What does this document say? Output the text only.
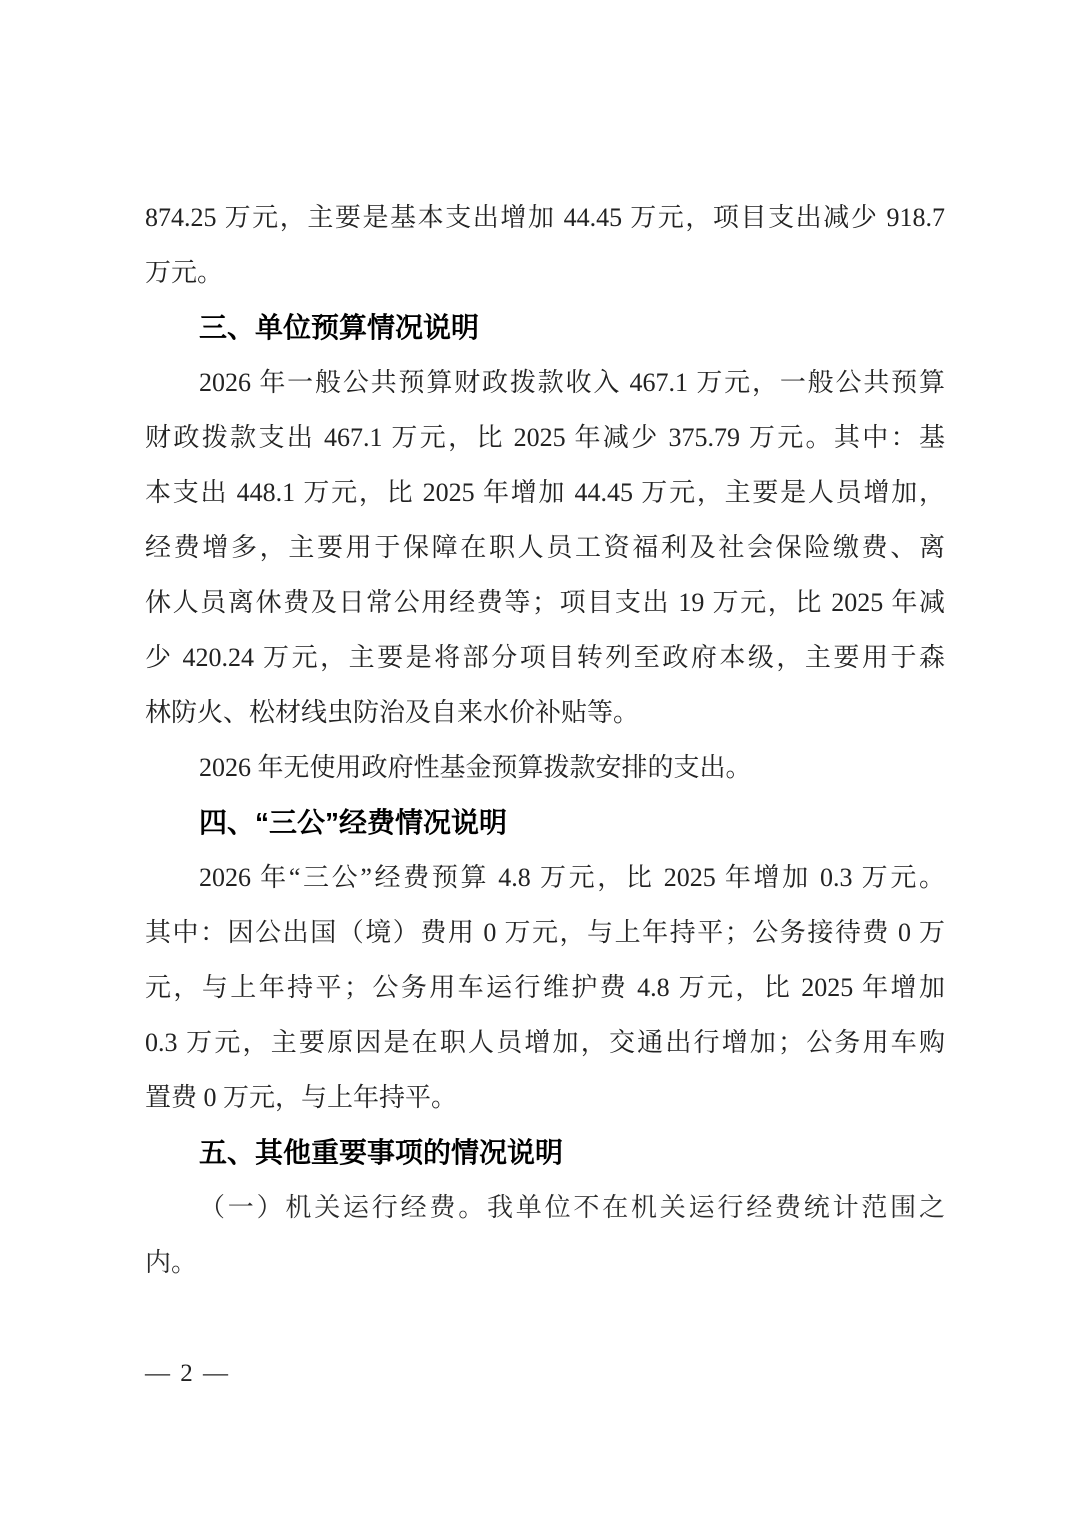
874.25 万元，主要是基本支出增加 44.45 万元，项目支出减少 918.7
万元。
三、单位预算情况说明
2026 年一般公共预算财政拨款收入 467.1 万元，一般公共预算
财政拨款支出 467.1 万元，比 2025 年减少 375.79 万元。其中：基
本支出 448.1 万元，比 2025 年增加 44.45 万元，主要是人员增加，
经费增多，主要用于保障在职人员工资福利及社会保险缴费、离
休人员离休费及日常公用经费等；项目支出 19 万元，比 2025 年减
少 420.24 万元，主要是将部分项目转列至政府本级，主要用于森
林防火、松材线虫防治及自来水价补贴等。
2026 年无使用政府性基金预算拨款安排的支出。
四、“三公”经费情况说明
2026 年“三公”经费预算 4.8 万元，比 2025 年增加 0.3 万元。
其中：因公出国（境）费用 0 万元，与上年持平；公务接待费 0 万
元，与上年持平；公务用车运行维护费 4.8 万元，比 2025 年增加
0.3 万元，主要原因是在职人员增加，交通出行增加；公务用车购
置费 0 万元，与上年持平。
五、其他重要事项的情况说明
（一）机关运行经费。我单位不在机关运行经费统计范围之
内。
— 2 —
